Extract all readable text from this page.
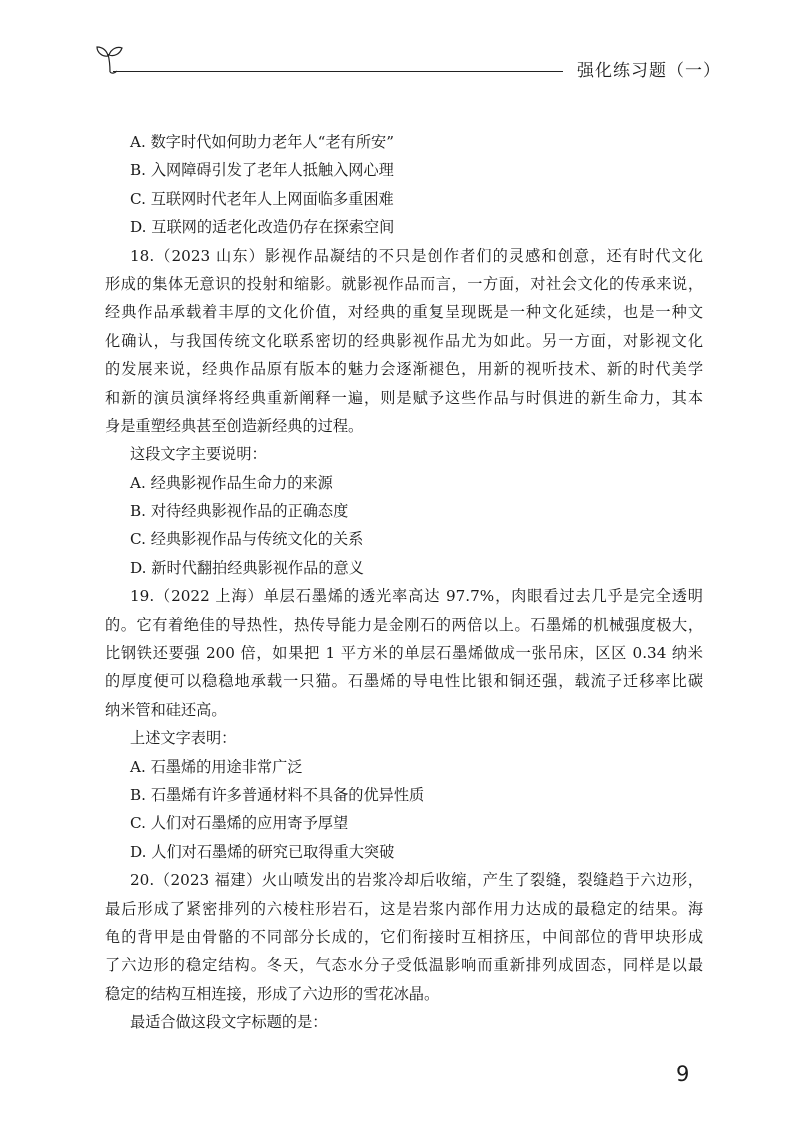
强化练习题（一）
A. 数字时代如何助力老年人“老有所安”
B. 入网障碍引发了老年人抵触入网心理
C. 互联网时代老年人上网面临多重困难
D. 互联网的适老化改造仍存在探索空间
18.（2023 山东）影视作品凝结的不只是创作者们的灵感和创意，还有时代文化
形成的集体无意识的投射和缩影。就影视作品而言，一方面，对社会文化的传承来说，
经典作品承载着丰厚的文化价值，对经典的重复呈现既是一种文化延续，也是一种文
化确认，与我国传统文化联系密切的经典影视作品尤为如此。另一方面，对影视文化
的发展来说，经典作品原有版本的魅力会逐渐褪色，用新的视听技术、新的时代美学
和新的演员演绎将经典重新阐释一遍，则是赋予这些作品与时俱进的新生命力，其本
身是重塑经典甚至创造新经典的过程。
这段文字主要说明：
A. 经典影视作品生命力的来源
B. 对待经典影视作品的正确态度
C. 经典影视作品与传统文化的关系
D. 新时代翻拍经典影视作品的意义
19.（2022 上海）单层石墨烯的透光率高达 97.7%，肉眼看过去几乎是完全透明
的。它有着绝佳的导热性，热传导能力是金刚石的两倍以上。石墨烯的机械强度极大，
比钢铁还要强 200 倍，如果把 1 平方米的单层石墨烯做成一张吊床，区区 0.34 纳米
的厚度便可以稳稳地承载一只猫。石墨烯的导电性比银和铜还强，载流子迁移率比碳
纳米管和硅还高。
上述文字表明：
A. 石墨烯的用途非常广泛
B. 石墨烯有许多普通材料不具备的优异性质
C. 人们对石墨烯的应用寄予厚望
D. 人们对石墨烯的研究已取得重大突破
20.（2023 福建）火山喷发出的岩浆冷却后收缩，产生了裂缝，裂缝趋于六边形，
最后形成了紧密排列的六棱柱形岩石，这是岩浆内部作用力达成的最稳定的结果。海
龟的背甲是由骨骼的不同部分长成的，它们衔接时互相挤压，中间部位的背甲块形成
了六边形的稳定结构。冬天，气态水分子受低温影响而重新排列成固态，同样是以最
稳定的结构互相连接，形成了六边形的雪花冰晶。
最适合做这段文字标题的是：
9
